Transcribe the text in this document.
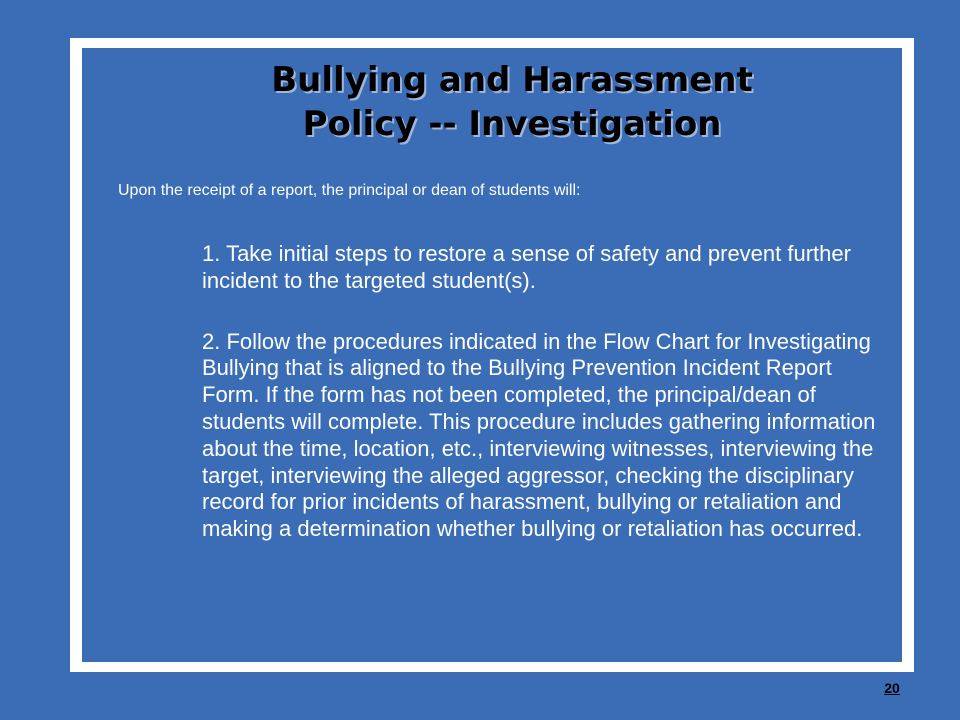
Bullying and Harassment
Policy -- Investigation

Upon the receipt of a report, the principal or dean of students will:

1. Take initial steps to restore a sense of safety and prevent further incident to the targeted student(s).
2. Follow the procedures indicated in the Flow Chart for Investigating Bullying that is aligned to the Bullying Prevention Incident Report Form. If the form has not been completed, the principal/dean of students will complete. This procedure includes gathering information about the time, location, etc., interviewing witnesses, interviewing the target, interviewing the alleged aggressor, checking the disciplinary record for prior incidents of harassment, bullying or retaliation and making a determination whether bullying or retaliation has occurred.
20
